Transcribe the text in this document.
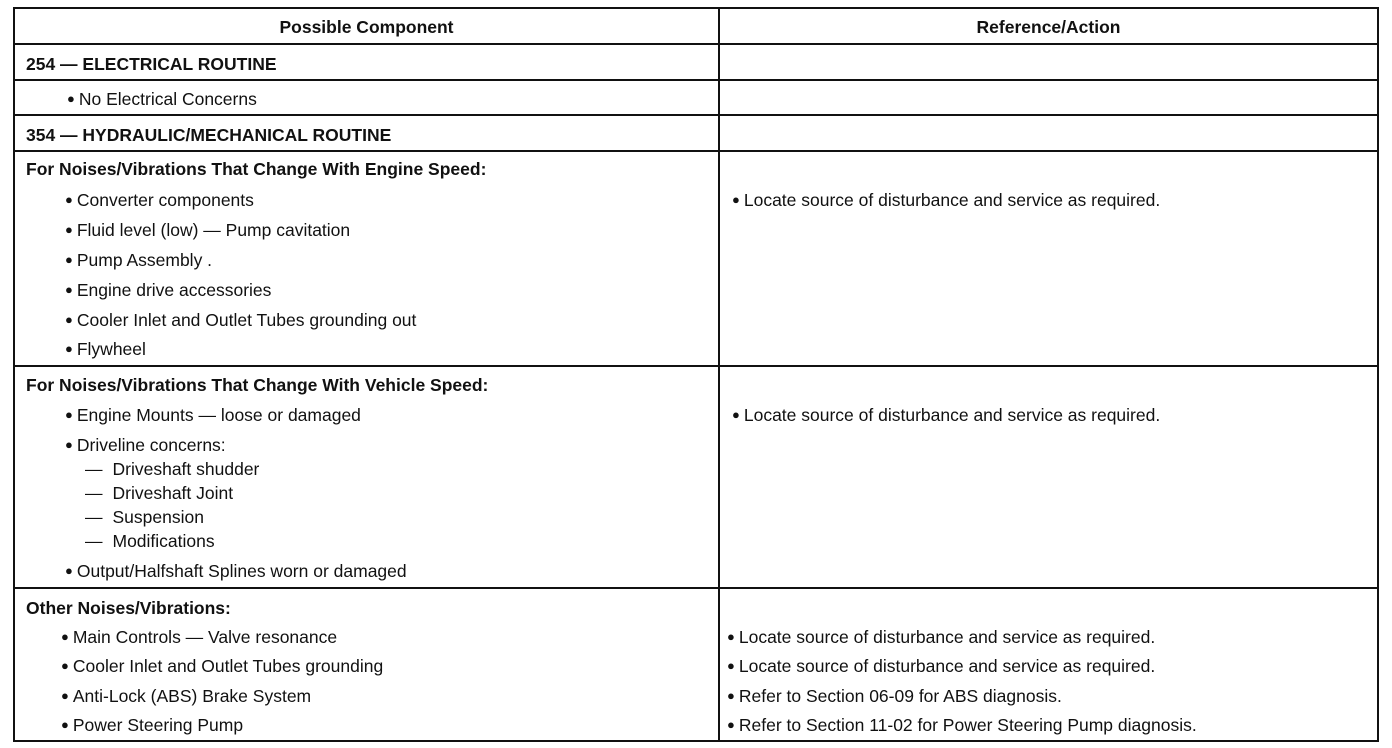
Possible Component	Reference/Action
254 — ELECTRICAL ROUTINE
● No Electrical Concerns
354 — HYDRAULIC/MECHANICAL ROUTINE
For Noises/Vibrations That Change With Engine Speed:
● Converter components
● Fluid level (low) — Pump cavitation
● Pump Assembly .
● Engine drive accessories
● Cooler Inlet and Outlet Tubes grounding out
● Flywheel
● Locate source of disturbance and service as required.
For Noises/Vibrations That Change With Vehicle Speed:
● Engine Mounts — loose or damaged
● Driveline concerns:
— Driveshaft shudder
— Driveshaft Joint
— Suspension
— Modifications
● Output/Halfshaft Splines worn or damaged
● Locate source of disturbance and service as required.
Other Noises/Vibrations:
● Main Controls — Valve resonance
● Cooler Inlet and Outlet Tubes grounding
● Anti-Lock (ABS) Brake System
● Power Steering Pump
● Locate source of disturbance and service as required.
● Locate source of disturbance and service as required.
● Refer to Section 06-09 for ABS diagnosis.
● Refer to Section 11-02 for Power Steering Pump diagnosis.
